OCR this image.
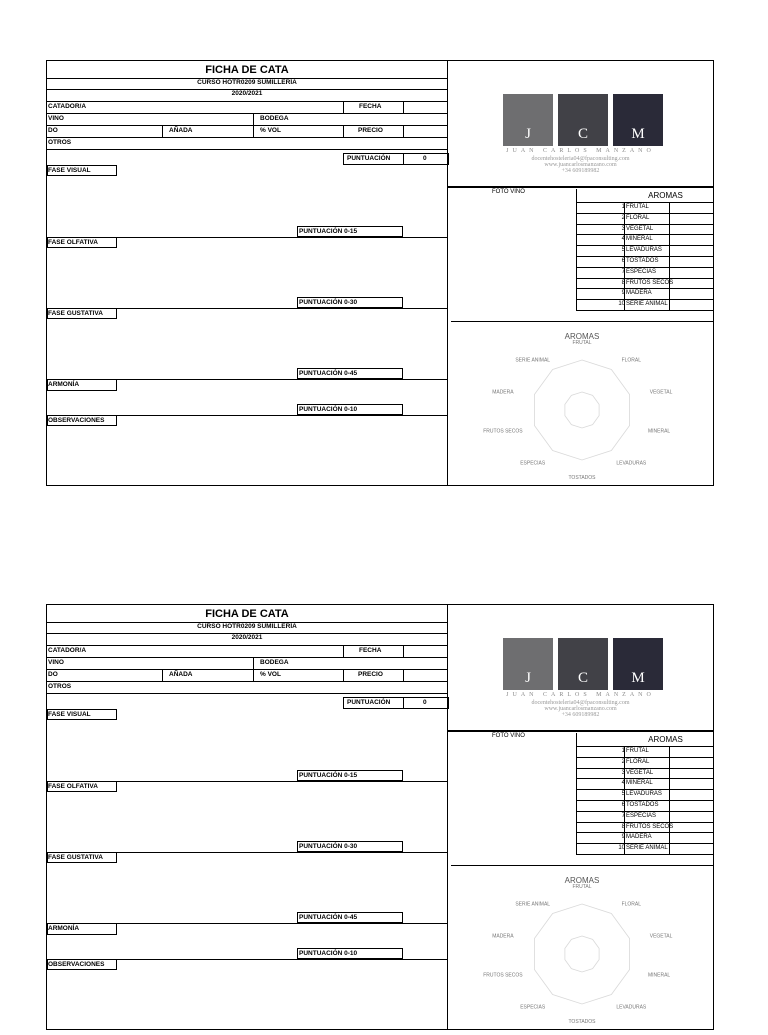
FICHA DE CATA
CURSO HOTR0209 SUMILLERÍA
2020/2021
CATADOR/A	FECHA
VINO	BODEGA
DO	AÑADA	% VOL	PRECIO
OTROS
PUNTUACIÓN	0
FASE VISUAL
PUNTUACIÓN 0-15
FASE OLFATIVA
PUNTUACIÓN 0-30
FASE GUSTATIVA
PUNTUACIÓN 0-45
ARMONÍA
PUNTUACIÓN 0-10
OBSERVACIONES
J	C	M
JUAN CARLOS MANZANO
docentehosteleria04@fpaconsulting.com
www.juancarlosmanzano.com
+34 609189982
FOTO VINO	AROMAS
1 FRUTAL
2 FLORAL
3 VEGETAL
4 MINERAL
5 LEVADURAS
6 TOSTADOS
7 ESPECIAS
8 FRUTOS SECOS
9 MADERA
10 SERIE ANIMAL
AROMAS
FRUTAL
FLORAL
VEGETAL
MINERAL
LEVADURAS
TOSTADOS
ESPECIAS
FRUTOS SECOS
MADERA
SERIE ANIMAL
FICHA DE CATA
CURSO HOTR0209 SUMILLERÍA
2020/2021
CATADOR/A	FECHA
VINO	BODEGA
DO	AÑADA	% VOL	PRECIO
OTROS
PUNTUACIÓN	0
FASE VISUAL
PUNTUACIÓN 0-15
FASE OLFATIVA
PUNTUACIÓN 0-30
FASE GUSTATIVA
PUNTUACIÓN 0-45
ARMONÍA
PUNTUACIÓN 0-10
OBSERVACIONES
J	C	M
JUAN CARLOS MANZANO
docentehosteleria04@fpaconsulting.com
www.juancarlosmanzano.com
+34 609189982
FOTO VINO	AROMAS
1 FRUTAL
2 FLORAL
3 VEGETAL
4 MINERAL
5 LEVADURAS
6 TOSTADOS
7 ESPECIAS
8 FRUTOS SECOS
9 MADERA
10 SERIE ANIMAL
AROMAS
FRUTAL
FLORAL
VEGETAL
MINERAL
LEVADURAS
TOSTADOS
ESPECIAS
FRUTOS SECOS
MADERA
SERIE ANIMAL
